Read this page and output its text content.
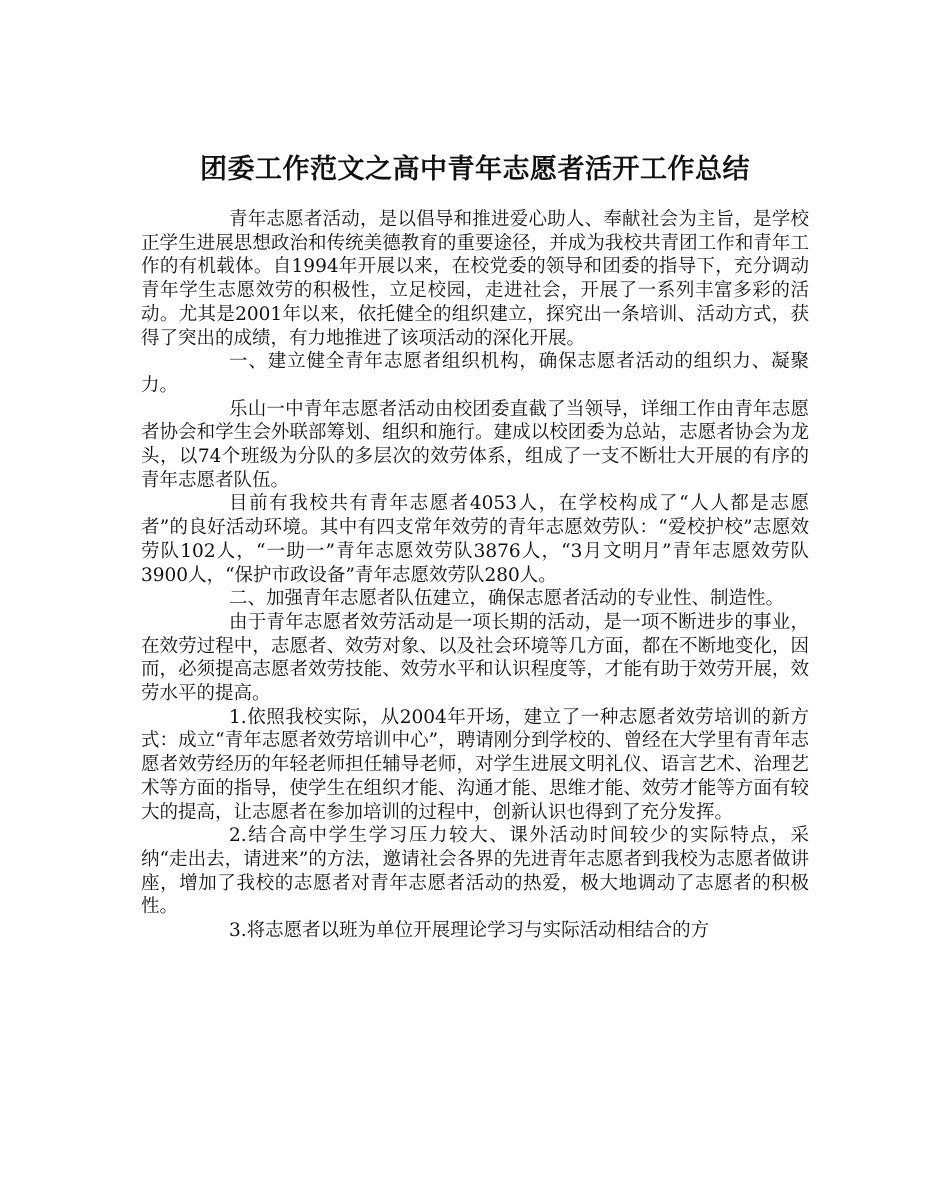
团委工作范文之高中青年志愿者活开工作总结

青年志愿者活动，是以倡导和推进爱心助人、奉献社会为主旨，是学校正学生进展思想政治和传统美德教育的重要途径，并成为我校共青团工作和青年工作的有机载体。自1994年开展以来，在校党委的领导和团委的指导下，充分调动青年学生志愿效劳的积极性，立足校园，走进社会，开展了一系列丰富多彩的活动。尤其是2001年以来，依托健全的组织建立，探究出一条培训、活动方式，获得了突出的成绩，有力地推进了该项活动的深化开展。

一、建立健全青年志愿者组织机构，确保志愿者活动的组织力、凝聚力。

乐山一中青年志愿者活动由校团委直截了当领导，详细工作由青年志愿者协会和学生会外联部筹划、组织和施行。建成以校团委为总站，志愿者协会为龙头，以74个班级为分队的多层次的效劳体系，组成了一支不断壮大开展的有序的青年志愿者队伍。

目前有我校共有青年志愿者4053人，在学校构成了“人人都是志愿者”的良好活动环境。其中有四支常年效劳的青年志愿效劳队：“爱校护校”志愿效劳队102人，“一助一”青年志愿效劳队3876人，“3月文明月”青年志愿效劳队3900人，“保护市政设备”青年志愿效劳队280人。

二、加强青年志愿者队伍建立，确保志愿者活动的专业性、制造性。

由于青年志愿者效劳活动是一项长期的活动，是一项不断进步的事业，在效劳过程中，志愿者、效劳对象、以及社会环境等几方面，都在不断地变化，因而，必须提高志愿者效劳技能、效劳水平和认识程度等，才能有助于效劳开展，效劳水平的提高。

1.依照我校实际，从2004年开场，建立了一种志愿者效劳培训的新方式：成立“青年志愿者效劳培训中心”，聘请刚分到学校的、曾经在大学里有青年志愿者效劳经历的年轻老师担任辅导老师，对学生进展文明礼仪、语言艺术、治理艺术等方面的指导，使学生在组织才能、沟通才能、思维才能、效劳才能等方面有较大的提高，让志愿者在参加培训的过程中，创新认识也得到了充分发挥。

2.结合高中学生学习压力较大、课外活动时间较少的实际特点，采纳“走出去，请进来”的方法，邀请社会各界的先进青年志愿者到我校为志愿者做讲座，增加了我校的志愿者对青年志愿者活动的热爱，极大地调动了志愿者的积极性。

3.将志愿者以班为单位开展理论学习与实际活动相结合的方
